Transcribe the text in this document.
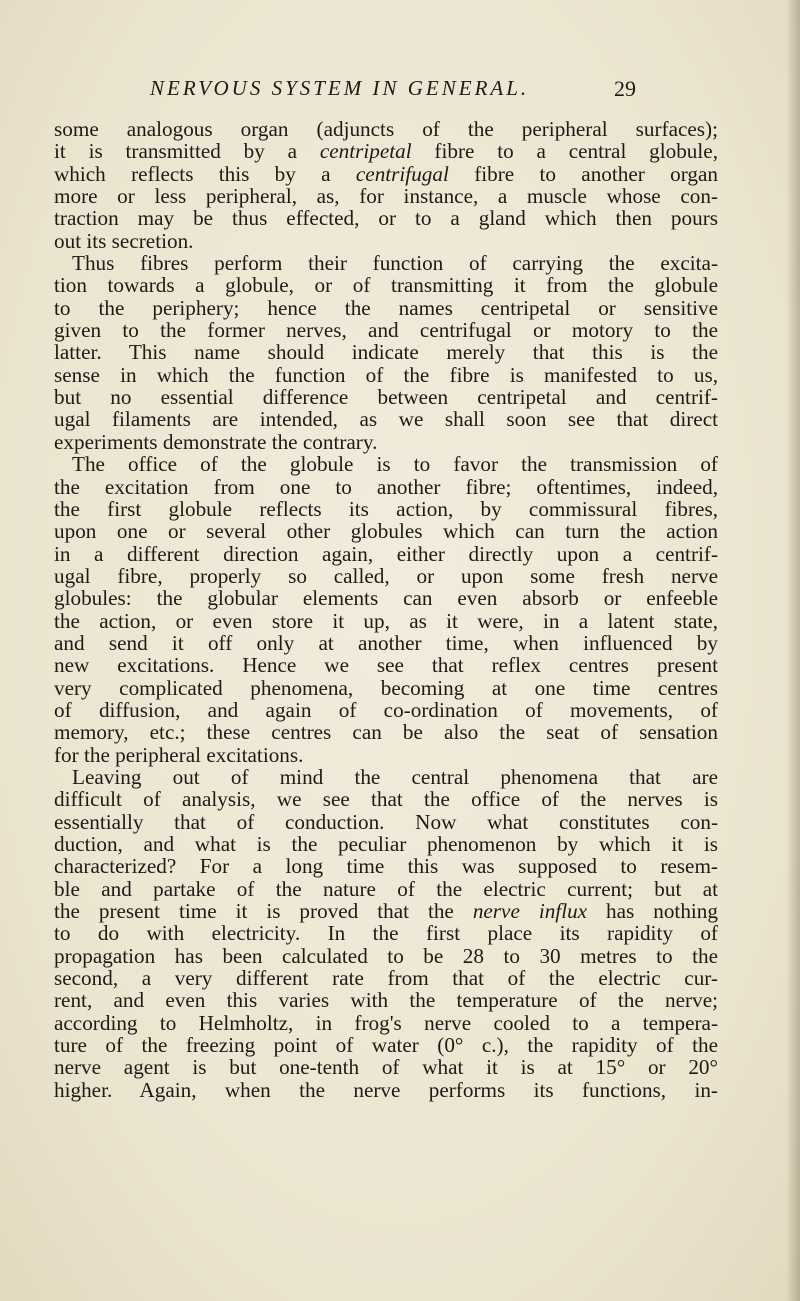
NERVOUS SYSTEM IN GENERAL.	29
some analogous organ (adjuncts of the peripheral surfaces);
it is transmitted by a centripetal fibre to a central globule,
which reflects this by a centrifugal fibre to another organ
more or less peripheral, as, for instance, a muscle whose con-
traction may be thus effected, or to a gland which then pours
out its secretion.
Thus fibres perform their function of carrying the excita-
tion towards a globule, or of transmitting it from the globule
to the periphery; hence the names centripetal or sensitive
given to the former nerves, and centrifugal or motory to the
latter. This name should indicate merely that this is the
sense in which the function of the fibre is manifested to us,
but no essential difference between centripetal and centrif-
ugal filaments are intended, as we shall soon see that direct
experiments demonstrate the contrary.
The office of the globule is to favor the transmission of
the excitation from one to another fibre; oftentimes, indeed,
the first globule reflects its action, by commissural fibres,
upon one or several other globules which can turn the action
in a different direction again, either directly upon a centrif-
ugal fibre, properly so called, or upon some fresh nerve
globules: the globular elements can even absorb or enfeeble
the action, or even store it up, as it were, in a latent state,
and send it off only at another time, when influenced by
new excitations. Hence we see that reflex centres present
very complicated phenomena, becoming at one time centres
of diffusion, and again of co-ordination of movements, of
memory, etc.; these centres can be also the seat of sensation
for the peripheral excitations.
Leaving out of mind the central phenomena that are
difficult of analysis, we see that the office of the nerves is
essentially that of conduction. Now what constitutes con-
duction, and what is the peculiar phenomenon by which it is
characterized? For a long time this was supposed to resem-
ble and partake of the nature of the electric current; but at
the present time it is proved that the nerve influx has nothing
to do with electricity. In the first place its rapidity of
propagation has been calculated to be 28 to 30 metres to the
second, a very different rate from that of the electric cur-
rent, and even this varies with the temperature of the nerve;
according to Helmholtz, in frog's nerve cooled to a tempera-
ture of the freezing point of water (0° c.), the rapidity of the
nerve agent is but one-tenth of what it is at 15° or 20°
higher. Again, when the nerve performs its functions, in-
